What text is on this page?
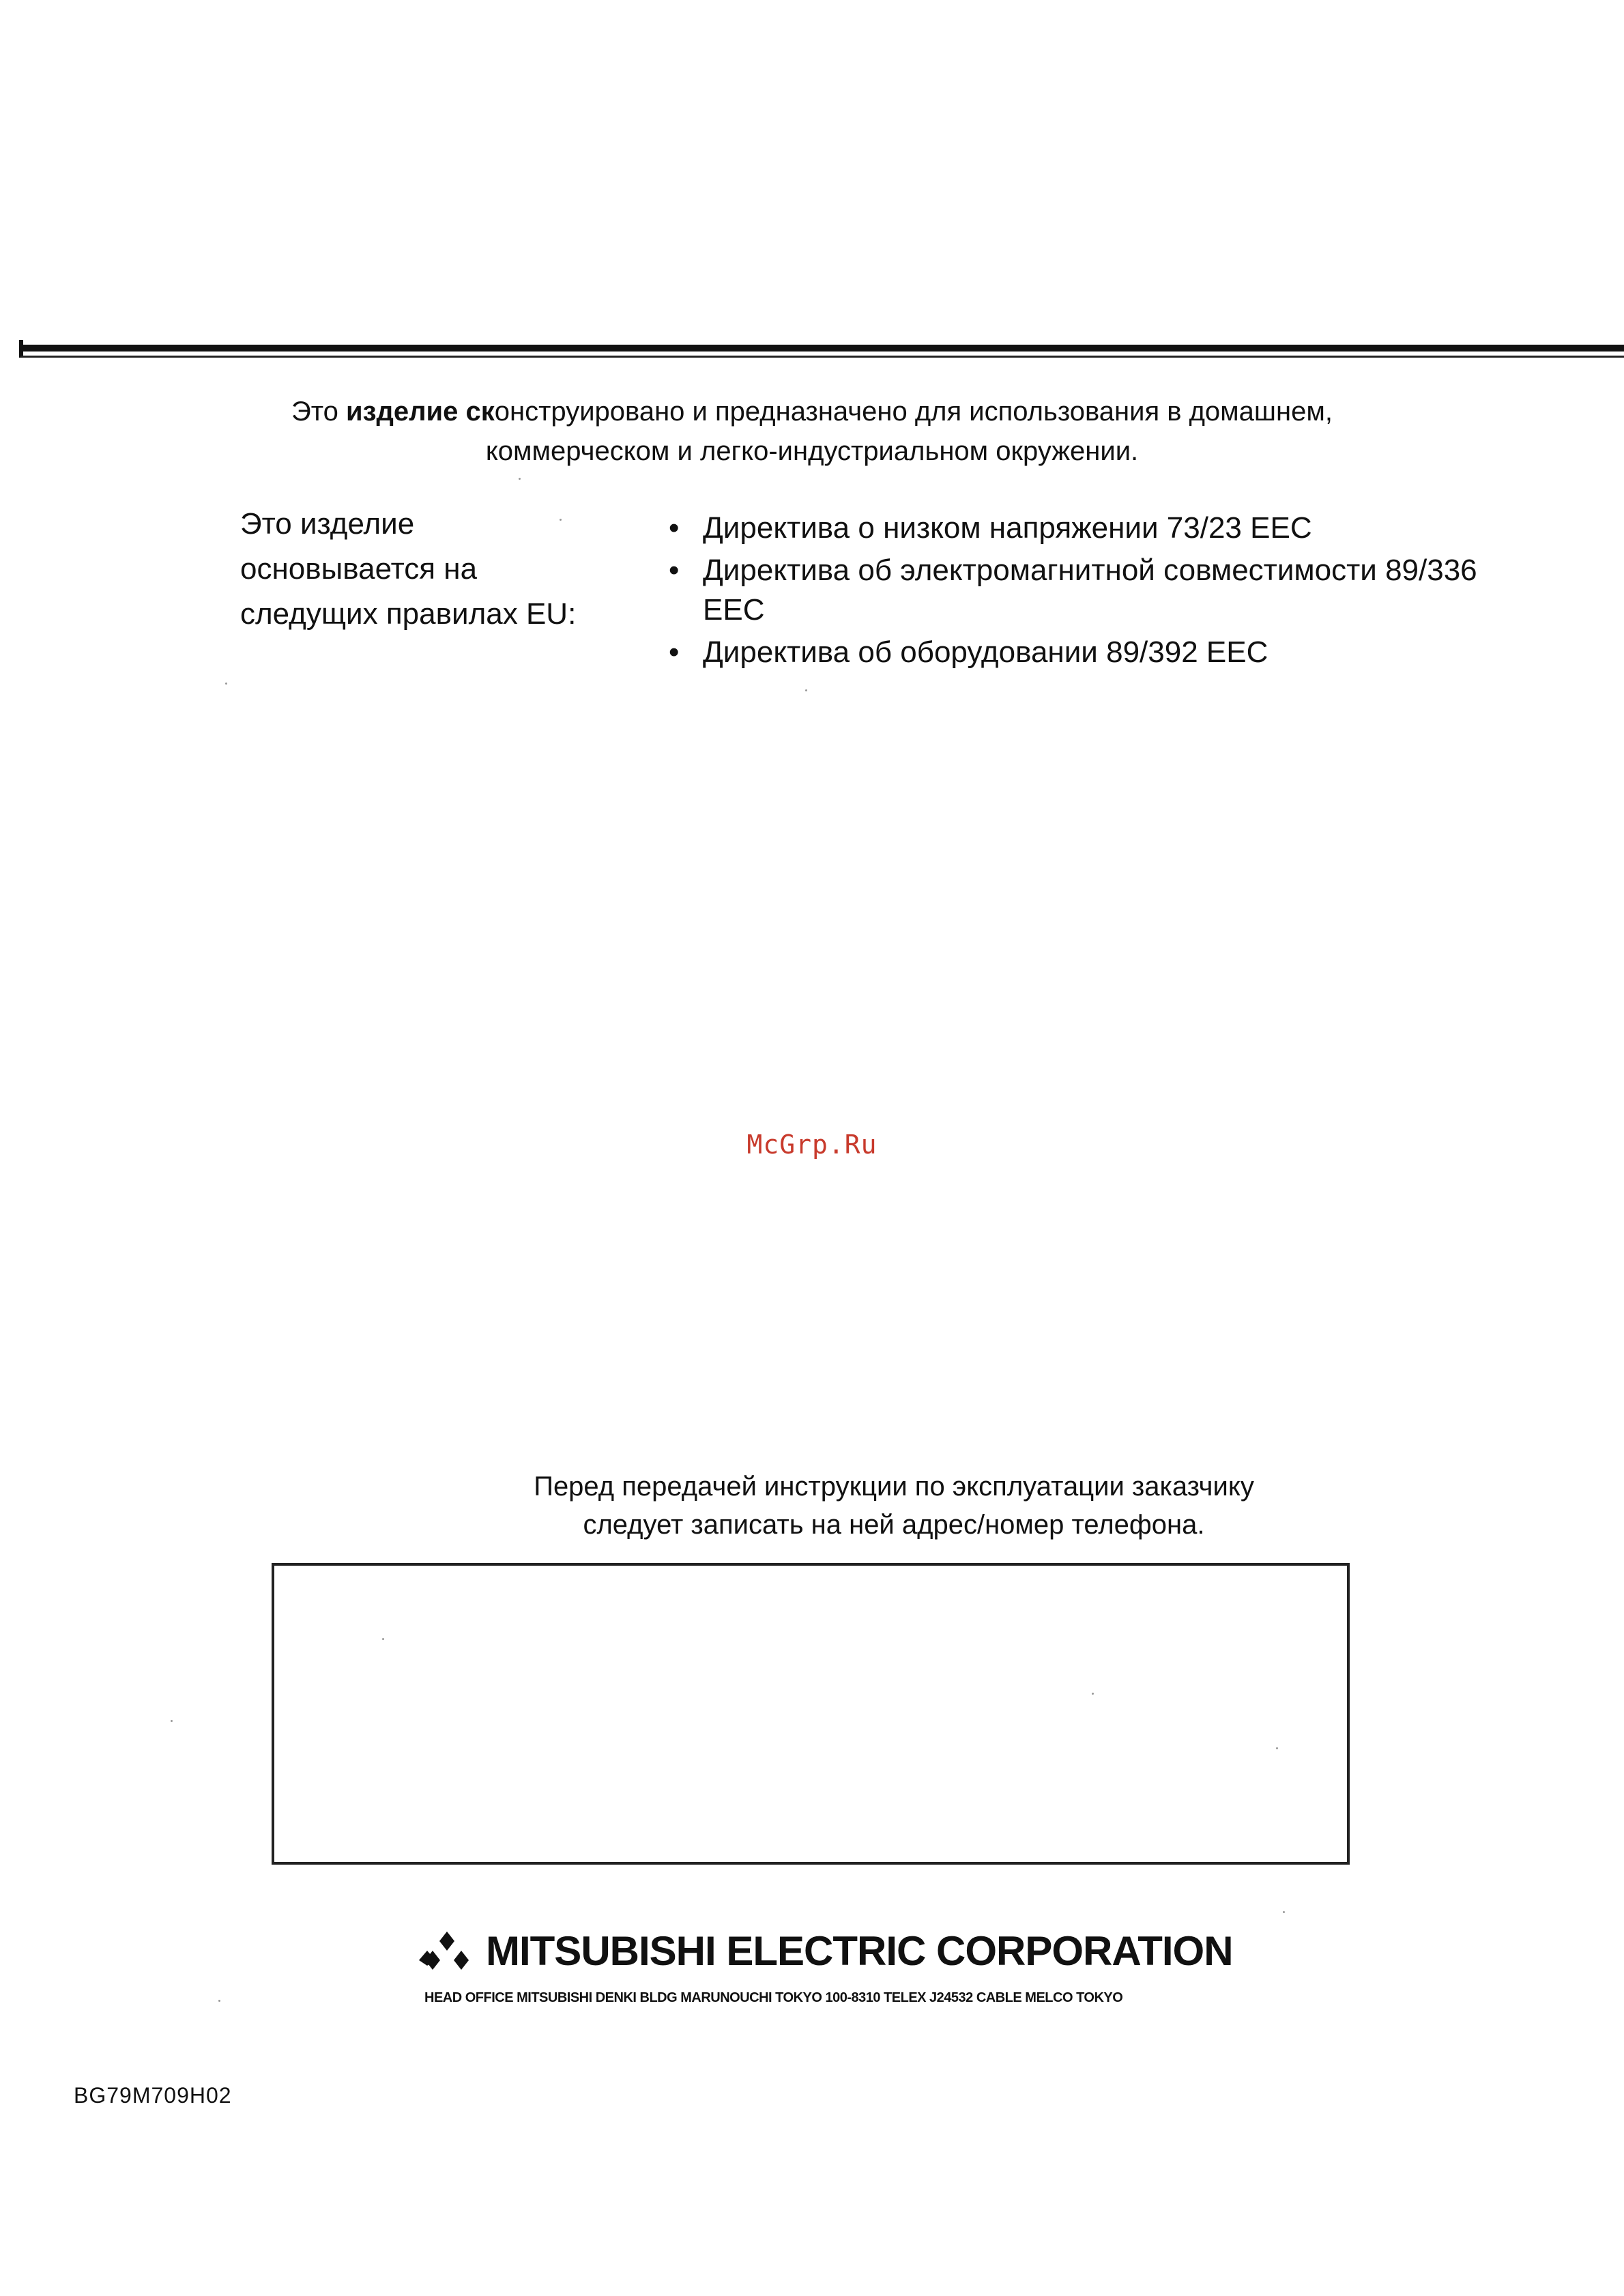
Это изделие сконструировано и предназначено для использования в домашнем,
коммерческом и легко-индустриальном окружении.
Это изделие
основывается на
следущих правилах EU:
• Директива о низком напряжении 73/23 EEC
• Директива об электромагнитной совместимости 89/336 EEC
• Директива об оборудовании 89/392 EEC
McGrp.Ru
Перед передачей инструкции по эксплуатации заказчику
следует записать на ней адрес/номер телефона.
MITSUBISHI ELECTRIC CORPORATION
HEAD OFFICE MITSUBISHI DENKI BLDG MARUNOUCHI TOKYO 100-8310 TELEX J24532 CABLE MELCO TOKYO
BG79M709H02
